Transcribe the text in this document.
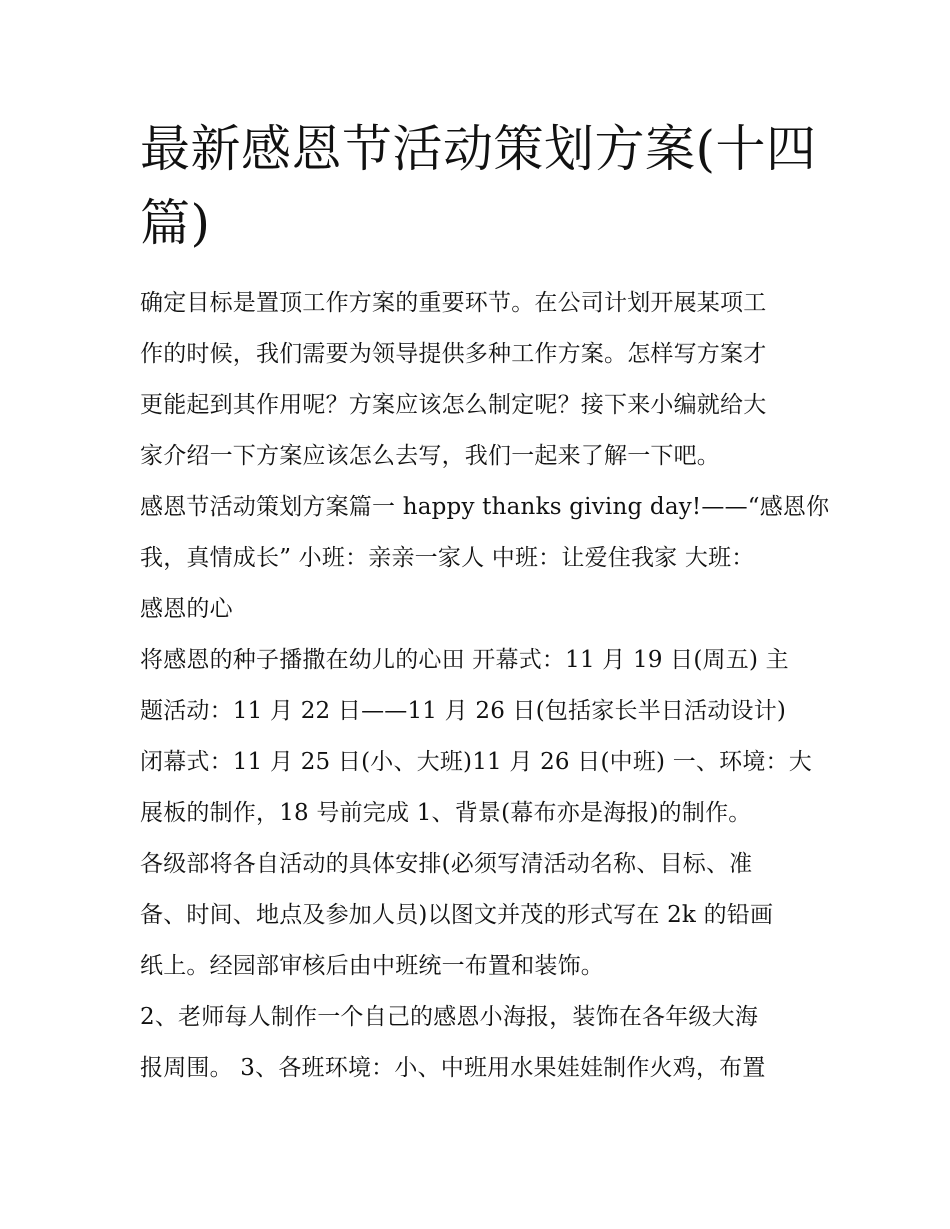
最新感恩节活动策划方案(十四
篇)

确定目标是置顶工作方案的重要环节。在公司计划开展某项工
作的时候，我们需要为领导提供多种工作方案。怎样写方案才
更能起到其作用呢？方案应该怎么制定呢？接下来小编就给大
家介绍一下方案应该怎么去写，我们一起来了解一下吧。

感恩节活动策划方案篇一 happy thanks giving day!——“感恩你
我，真情成长” 小班：亲亲一家人 中班：让爱住我家 大班：
感恩的心

将感恩的种子播撒在幼儿的心田 开幕式：11 月 19 日(周五) 主
题活动：11 月 22 日——11 月 26 日(包括家长半日活动设计)
闭幕式：11 月 25 日(小、大班)11 月 26 日(中班) 一、环境：大
展板的制作，18 号前完成 1、背景(幕布亦是海报)的制作。

各级部将各自活动的具体安排(必须写清活动名称、目标、准
备、时间、地点及参加人员)以图文并茂的形式写在 2k 的铅画
纸上。经园部审核后由中班统一布置和装饰。

2、老师每人制作一个自己的感恩小海报，装饰在各年级大海
报周围。 3、各班环境：小、中班用水果娃娃制作火鸡，布置
